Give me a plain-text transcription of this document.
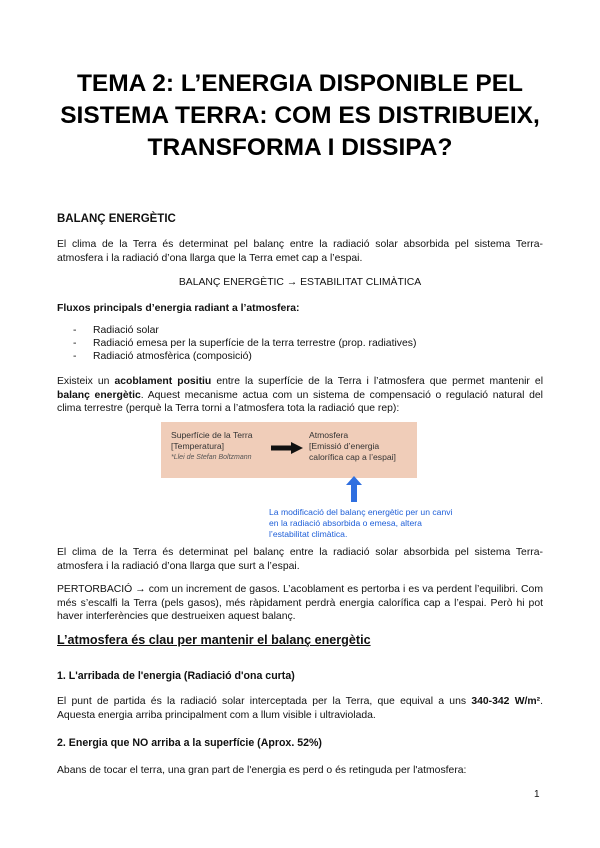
TEMA 2: L’ENERGIA DISPONIBLE PEL SISTEMA TERRA: COM ES DISTRIBUEIX, TRANSFORMA I DISSIPA?
BALANÇ ENERGÈTIC

El clima de la Terra és determinat pel balanç entre la radiació solar absorbida pel sistema Terra-atmosfera i la radiació d’ona llarga que la Terra emet cap a l’espai.

BALANÇ ENERGÈTIC → ESTABILITAT CLIMÀTICA

Fluxos principals d’energia radiant a l’atmosfera:

- Radiació solar
- Radiació emesa per la superfície de la terra terrestre (prop. radiatives)
- Radiació atmosfèrica (composició)

Existeix un acoblament positiu entre la superfície de la Terra i l’atmosfera que permet mantenir el balanç energètic. Aquest mecanisme actua com un sistema de compensació o regulació natural del clima terrestre (perquè la Terra torni a l’atmosfera tota la radiació que rep):

Superfície de la Terra
[Temperatura]
*Llei de Stefan Boltzmann
Atmosfera
[Emissió d’energia
calorífica cap a l’espai]
La modificació del balanç energètic per un canvi en la radiació absorbida o emesa, altera l’estabilitat climàtica.

El clima de la Terra és determinat pel balanç entre la radiació solar absorbida pel sistema Terra-atmosfera i la radiació d’ona llarga que surt a l’espai.

PERTORBACIÓ → com un increment de gasos. L’acoblament es pertorba i es va perdent l’equilibri. Com més s’escalfi la Terra (pels gasos), més ràpidament perdrà energia calorífica cap a l’espai. Però hi pot haver interferències que destrueixen aquest balanç.

L’atmosfera és clau per mantenir el balanç energètic
1. L'arribada de l'energia (Radiació d'ona curta)

El punt de partida és la radiació solar interceptada per la Terra, que equival a uns 340-342 W/m². Aquesta energia arriba principalment com a llum visible i ultraviolada.

2. Energia que NO arriba a la superfície (Aprox. 52%)

Abans de tocar el terra, una gran part de l'energia es perd o és retinguda per l'atmosfera:

1
